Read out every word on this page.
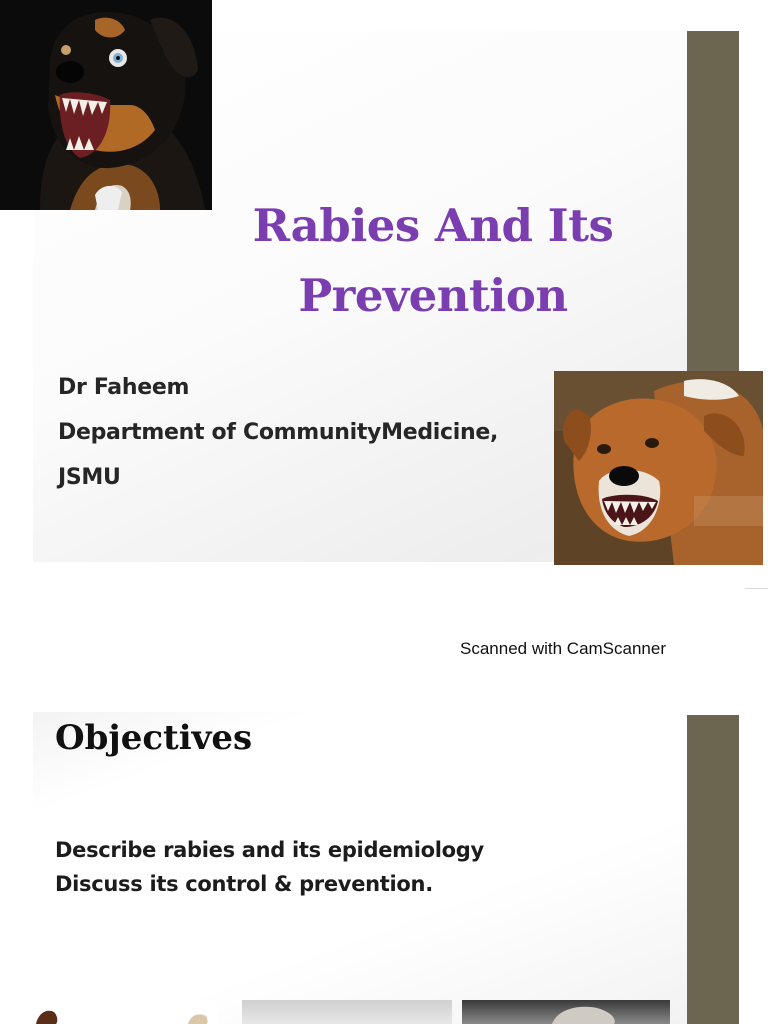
Rabies And Its
Prevention
Dr Faheem
Department of CommunityMedicine,
JSMU
Scanned with CamScanner
Objectives
Describe rabies and its epidemiology
Discuss its control & prevention.
